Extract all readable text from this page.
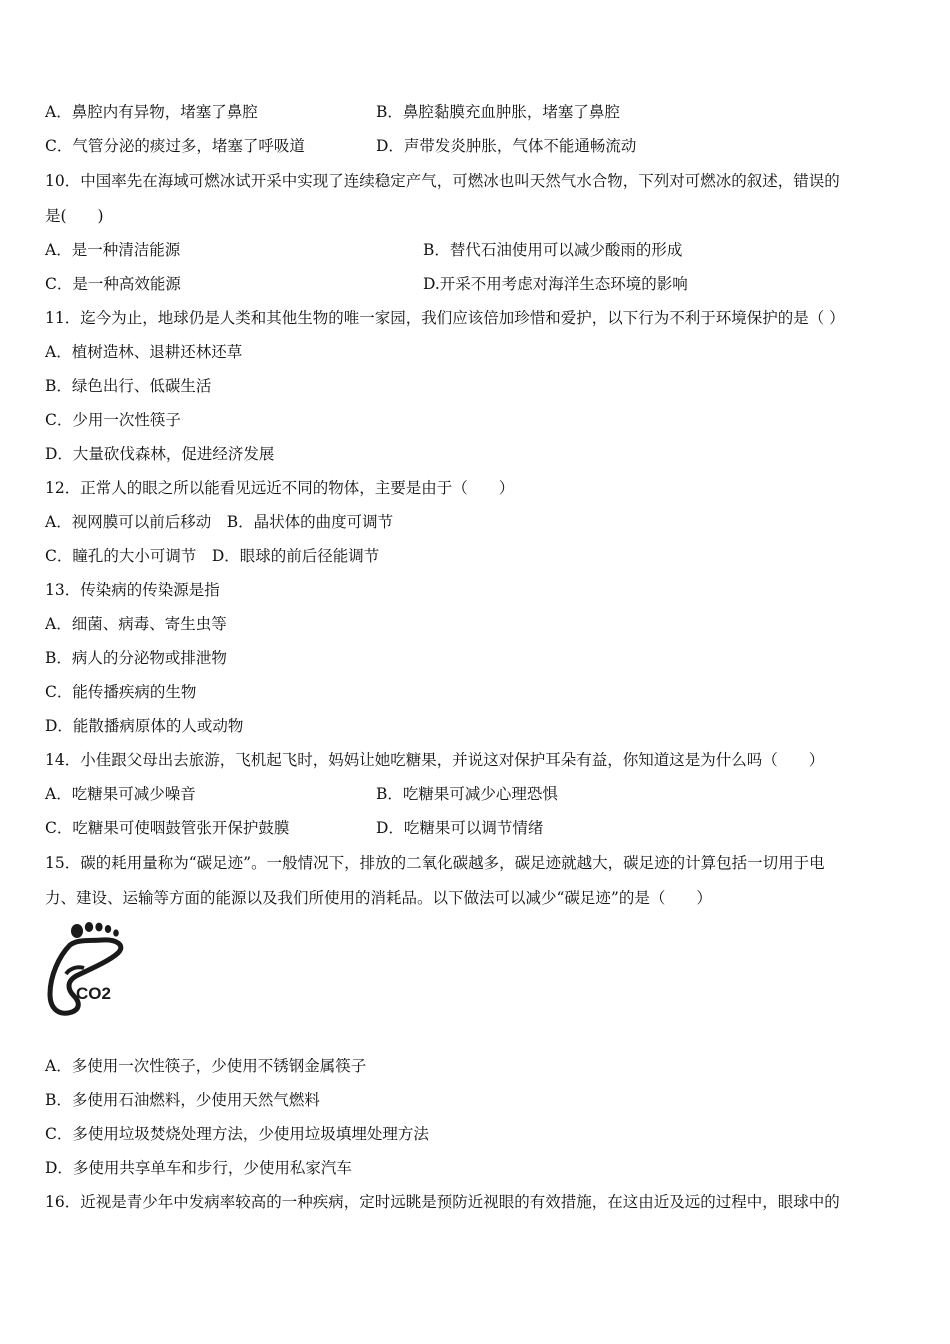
A．鼻腔内有异物，堵塞了鼻腔	B．鼻腔黏膜充血肿胀，堵塞了鼻腔
C．气管分泌的痰过多，堵塞了呼吸道	D．声带发炎肿胀，气体不能通畅流动
10．中国率先在海域可燃冰试开采中实现了连续稳定产气，可燃冰也叫天然气水合物，下列对可燃冰的叙述，错误的
是(　　)
A．是一种清洁能源	B．替代石油使用可以减少酸雨的形成
C．是一种高效能源	D.开采不用考虑对海洋生态环境的影响
11．迄今为止，地球仍是人类和其他生物的唯一家园，我们应该倍加珍惜和爱护，以下行为不利于环境保护的是（ ）
A．植树造林、退耕还林还草
B．绿色出行、低碳生活
C．少用一次性筷子
D．大量砍伐森林，促进经济发展
12．正常人的眼之所以能看见远近不同的物体，主要是由于（　　）
A．视网膜可以前后移动　B．晶状体的曲度可调节
C．瞳孔的大小可调节　D．眼球的前后径能调节
13．传染病的传染源是指
A．细菌、病毒、寄生虫等
B．病人的分泌物或排泄物
C．能传播疾病的生物
D．能散播病原体的人或动物
14．小佳跟父母出去旅游，飞机起飞时，妈妈让她吃糖果，并说这对保护耳朵有益，你知道这是为什么吗（　　）
A．吃糖果可减少噪音	B．吃糖果可减少心理恐惧
C．吃糖果可使咽鼓管张开保护鼓膜	D．吃糖果可以调节情绪
15．碳的耗用量称为“碳足迹”。一般情况下，排放的二氧化碳越多，碳足迹就越大，碳足迹的计算包括一切用于电
力、建设、运输等方面的能源以及我们所使用的消耗品。以下做法可以减少“碳足迹”的是（　　）
CO2
A．多使用一次性筷子，少使用不锈钢金属筷子
B．多使用石油燃料，少使用天然气燃料
C．多使用垃圾焚烧处理方法，少使用垃圾填埋处理方法
D．多使用共享单车和步行，少使用私家汽车
16．近视是青少年中发病率较高的一种疾病，定时远眺是预防近视眼的有效措施，在这由近及远的过程中，眼球中的
